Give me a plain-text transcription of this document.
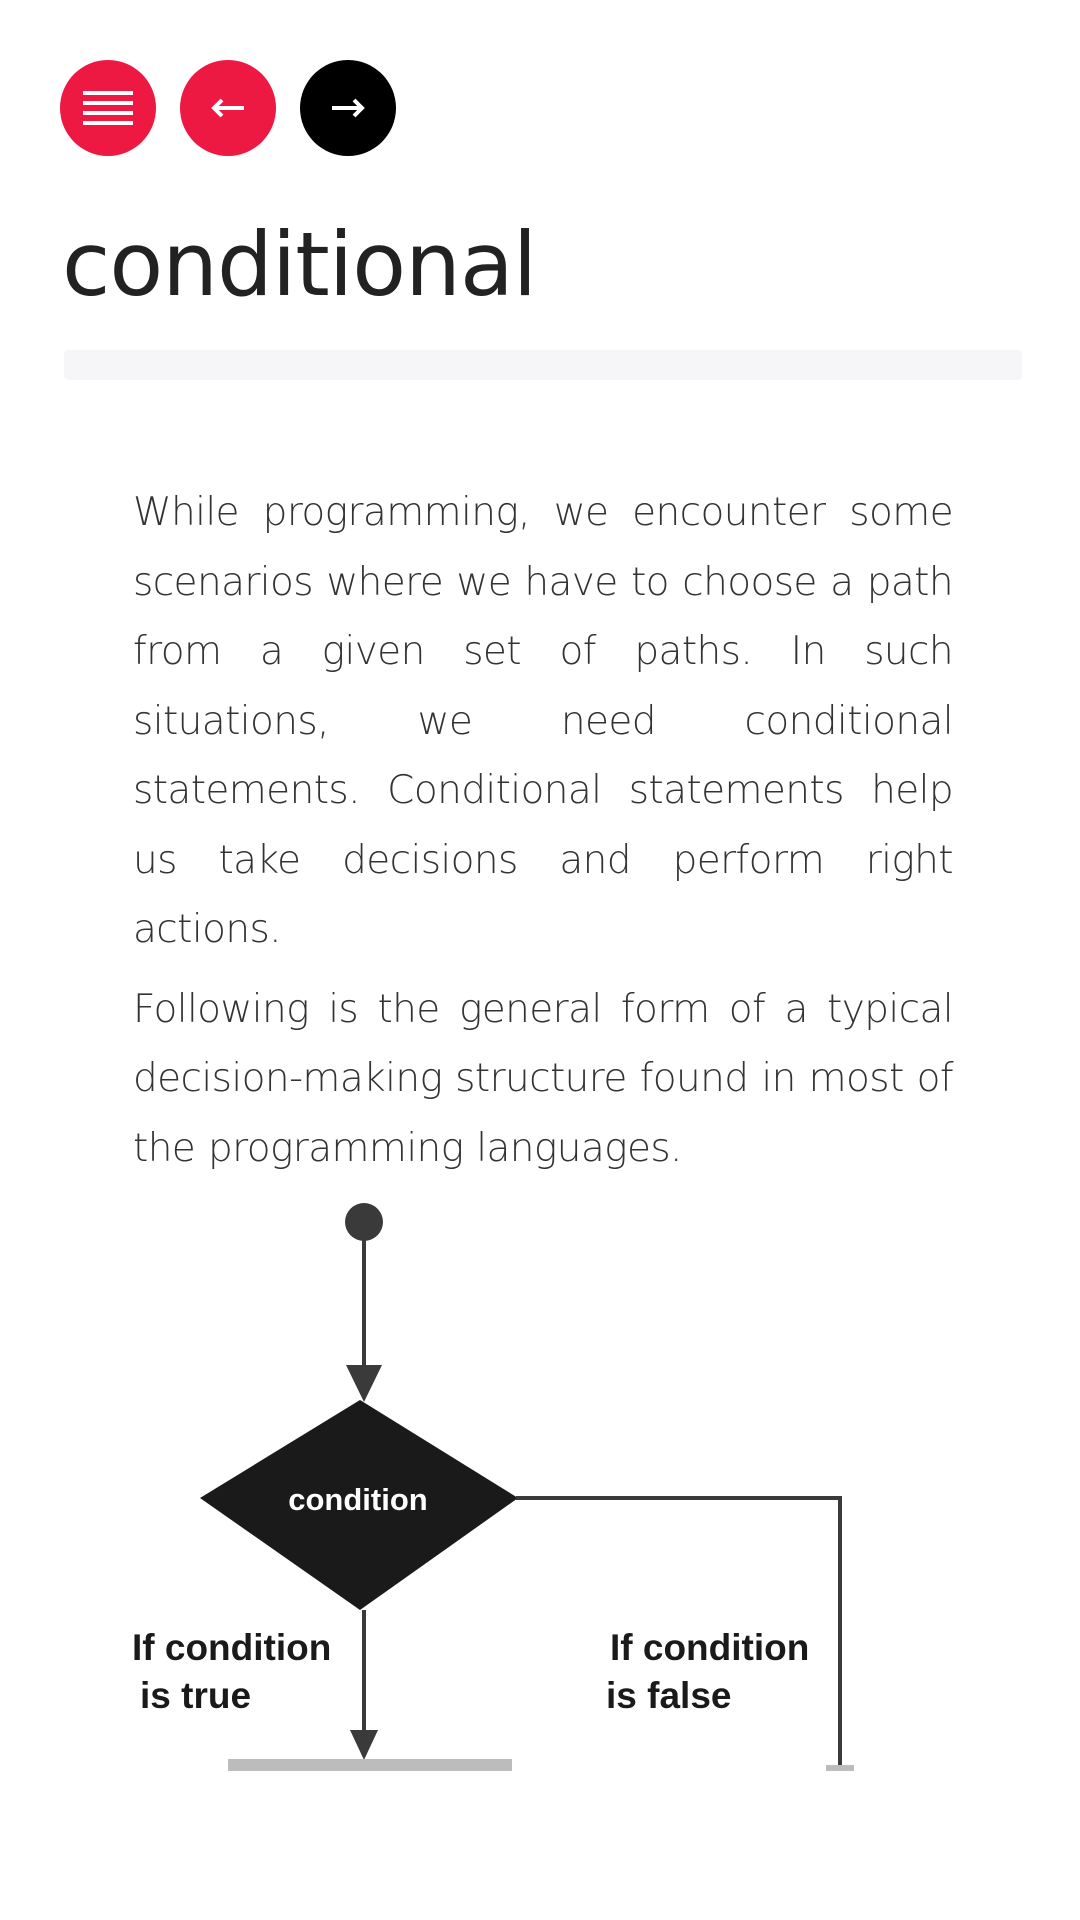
conditional

While programming, we encounter some scenarios where we have to choose a path from a given set of paths. In such situations, we need conditional statements. Conditional statements help us take decisions and perform right actions.

Following is the general form of a typical decision-making structure found in most of the programming languages.

condition
If condition
is true
If condition
is false
